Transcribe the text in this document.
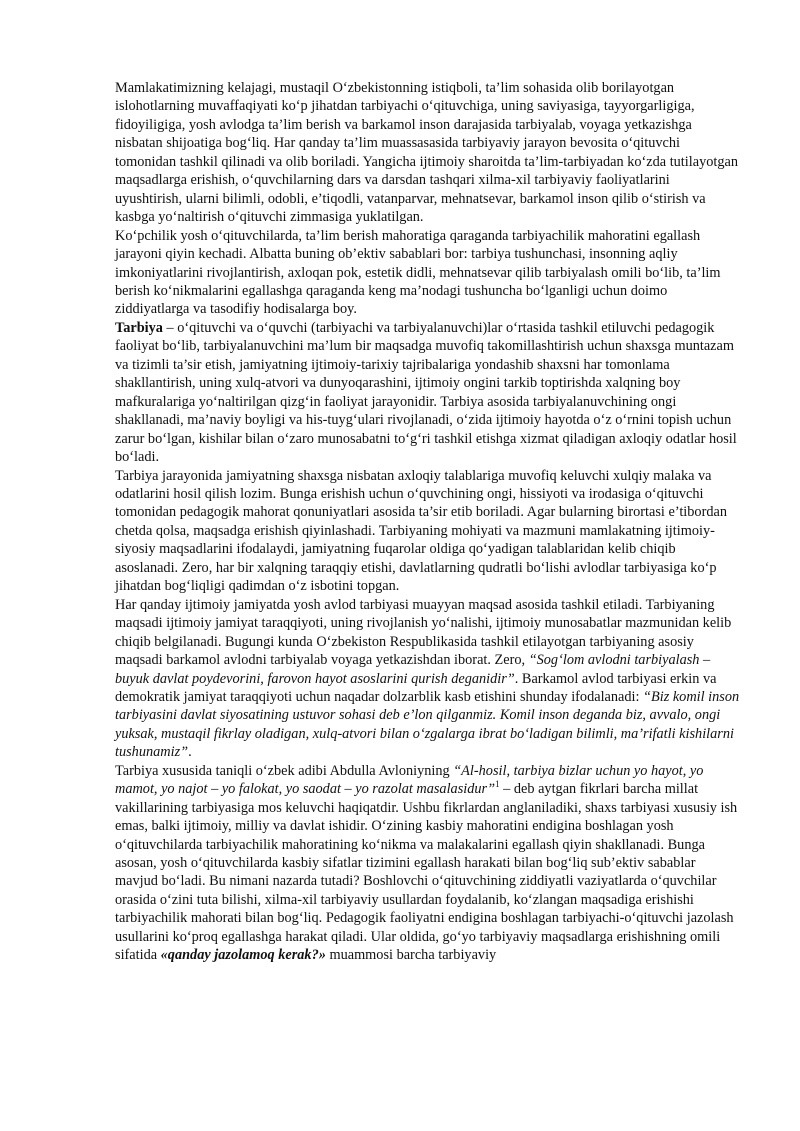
Mamlakatimizning kelajagi, mustaqil O‘zbekistonning istiqboli, ta’lim sohasida olib borilayotgan islohotlarning muvaffaqiyati ko‘p jihatdan tarbiyachi o‘qituvchiga, uning saviyasiga, tayyorgarligiga, fidoyiligiga, yosh avlodga ta’lim berish va barkamol inson darajasida tarbiyalab, voyaga yetkazishga nisbatan shijoatiga bog‘liq. Har qanday ta’lim muassasasida tarbiyaviy jarayon bevosita o‘qituvchi tomonidan tashkil qilinadi va olib boriladi. Yangicha ijtimoiy sharoitda ta’lim-tarbiyadan ko‘zda tutilayotgan maqsadlarga erishish, o‘quvchilarning dars va darsdan tashqari xilma-xil tarbiyaviy faoliyatlarini uyushtirish, ularni bilimli, odobli, e’tiqodli, vatanparvar, mehnatsevar, barkamol inson qilib o‘stirish va kasbga yo‘naltirish o‘qituvchi zimmasiga yuklatilgan.

Ko‘pchilik yosh o‘qituvchilarda, ta’lim berish mahoratiga qaraganda tarbiyachilik mahoratini egallash jarayoni qiyin kechadi. Albatta buning ob’ektiv sabablari bor: tarbiya tushunchasi, insonning aqliy imkoniyatlarini rivojlantirish, axloqan pok, estetik didli, mehnatsevar qilib tarbiyalash omili bo‘lib, ta’lim berish ko‘nikmalarini egallashga qaraganda keng ma’nodagi tushuncha bo‘lganligi uchun doimo ziddiyatlarga va tasodifiy hodisalarga boy.

Tarbiya – o‘qituvchi va o‘quvchi (tarbiyachi va tarbiyalanuvchi)lar o‘rtasida tashkil etiluvchi pedagogik faoliyat bo‘lib, tarbiyalanuvchini ma’lum bir maqsadga muvofiq takomillashtirish uchun shaxsga muntazam va tizimli ta’sir etish, jamiyatning ijtimoiy-tarixiy tajribalariga yondashib shaxsni har tomonlama shakllantirish, uning xulq-atvori va dunyoqarashini, ijtimoiy ongini tarkib toptirishda xalqning boy mafkuralariga yo‘naltirilgan qizg‘in faoliyat jarayonidir. Tarbiya asosida tarbiyalanuvchining ongi shakllanadi, ma’naviy boyligi va his-tuyg‘ulari rivojlanadi, o‘zida ijtimoiy hayotda o‘z o‘rnini topish uchun zarur bo‘lgan, kishilar bilan o‘zaro munosabatni to‘g‘ri tashkil etishga xizmat qiladigan axloqiy odatlar hosil bo‘ladi.

Tarbiya jarayonida jamiyatning shaxsga nisbatan axloqiy talablariga muvofiq keluvchi xulqiy malaka va odatlarini hosil qilish lozim. Bunga erishish uchun o‘quvchining ongi, hissiyoti va irodasiga o‘qituvchi tomonidan pedagogik mahorat qonuniyatlari asosida ta’sir etib boriladi. Agar bularning birortasi e’tibordan chetda qolsa, maqsadga erishish qiyinlashadi. Tarbiyaning mohiyati va mazmuni mamlakatning ijtimoiy-siyosiy maqsadlarini ifodalaydi, jamiyatning fuqarolar oldiga qo‘yadigan talablaridan kelib chiqib asoslanadi. Zero, har bir xalqning taraqqiy etishi, davlatlarning qudratli bo‘lishi avlodlar tarbiyasiga ko‘p jihatdan bog‘liqligi qadimdan o‘z isbotini topgan.

Har qanday ijtimoiy jamiyatda yosh avlod tarbiyasi muayyan maqsad asosida tashkil etiladi. Tarbiyaning maqsadi ijtimoiy jamiyat taraqqiyoti, uning rivojlanish yo‘nalishi, ijtimoiy munosabatlar mazmunidan kelib chiqib belgilanadi. Bugungi kunda O‘zbekiston Respublikasida tashkil etilayotgan tarbiyaning asosiy maqsadi barkamol avlodni tarbiyalab voyaga yetkazishdan iborat. Zero, “Sog‘lom avlodni tarbiyalash – buyuk davlat poydevorini, farovon hayot asoslarini qurish deganidir”. Barkamol avlod tarbiyasi erkin va demokratik jamiyat taraqqiyoti uchun naqadar dolzarblik kasb etishini shunday ifodalanadi: “Biz komil inson tarbiyasini davlat siyosatining ustuvor sohasi deb e’lon qilganmiz. Komil inson deganda biz, avvalo, ongi yuksak, mustaqil fikrlay oladigan, xulq-atvori bilan o‘zgalarga ibrat bo‘ladigan bilimli, ma’rifatli kishilarni tushunamiz”.

Tarbiya xususida taniqli o‘zbek adibi Abdulla Avloniyning “Al-hosil, tarbiya bizlar uchun yo hayot, yo mamot, yo najot – yo falokat, yo saodat – yo razolat masalasidur”$^1$ – deb aytgan fikrlari barcha millat vakillarining tarbiyasiga mos keluvchi haqiqatdir. Ushbu fikrlardan anglaniladiki, shaxs tarbiyasi xususiy ish emas, balki ijtimoiy, milliy va davlat ishidir. O‘zining kasbiy mahoratini endigina boshlagan yosh o‘qituvchilarda tarbiyachilik mahoratining ko‘nikma va malakalarini egallash qiyin shakllanadi. Bunga asosan, yosh o‘qituvchilarda kasbiy sifatlar tizimini egallash harakati bilan bog‘liq sub’ektiv sabablar mavjud bo‘ladi. Bu nimani nazarda tutadi? Boshlovchi o‘qituvchining ziddiyatli vaziyatlarda o‘quvchilar orasida o‘zini tuta bilishi, xilma-xil tarbiyaviy usullardan foydalanib, ko‘zlangan maqsadiga erishishi tarbiyachilik mahorati bilan bog‘liq. Pedagogik faoliyatni endigina boshlagan tarbiyachi-o‘qituvchi jazolash usullarini ko‘proq egallashga harakat qiladi. Ular oldida, go‘yo tarbiyaviy maqsadlarga erishishning omili sifatida «qanday jazolamoq kerak?» muammosi barcha tarbiyaviy
